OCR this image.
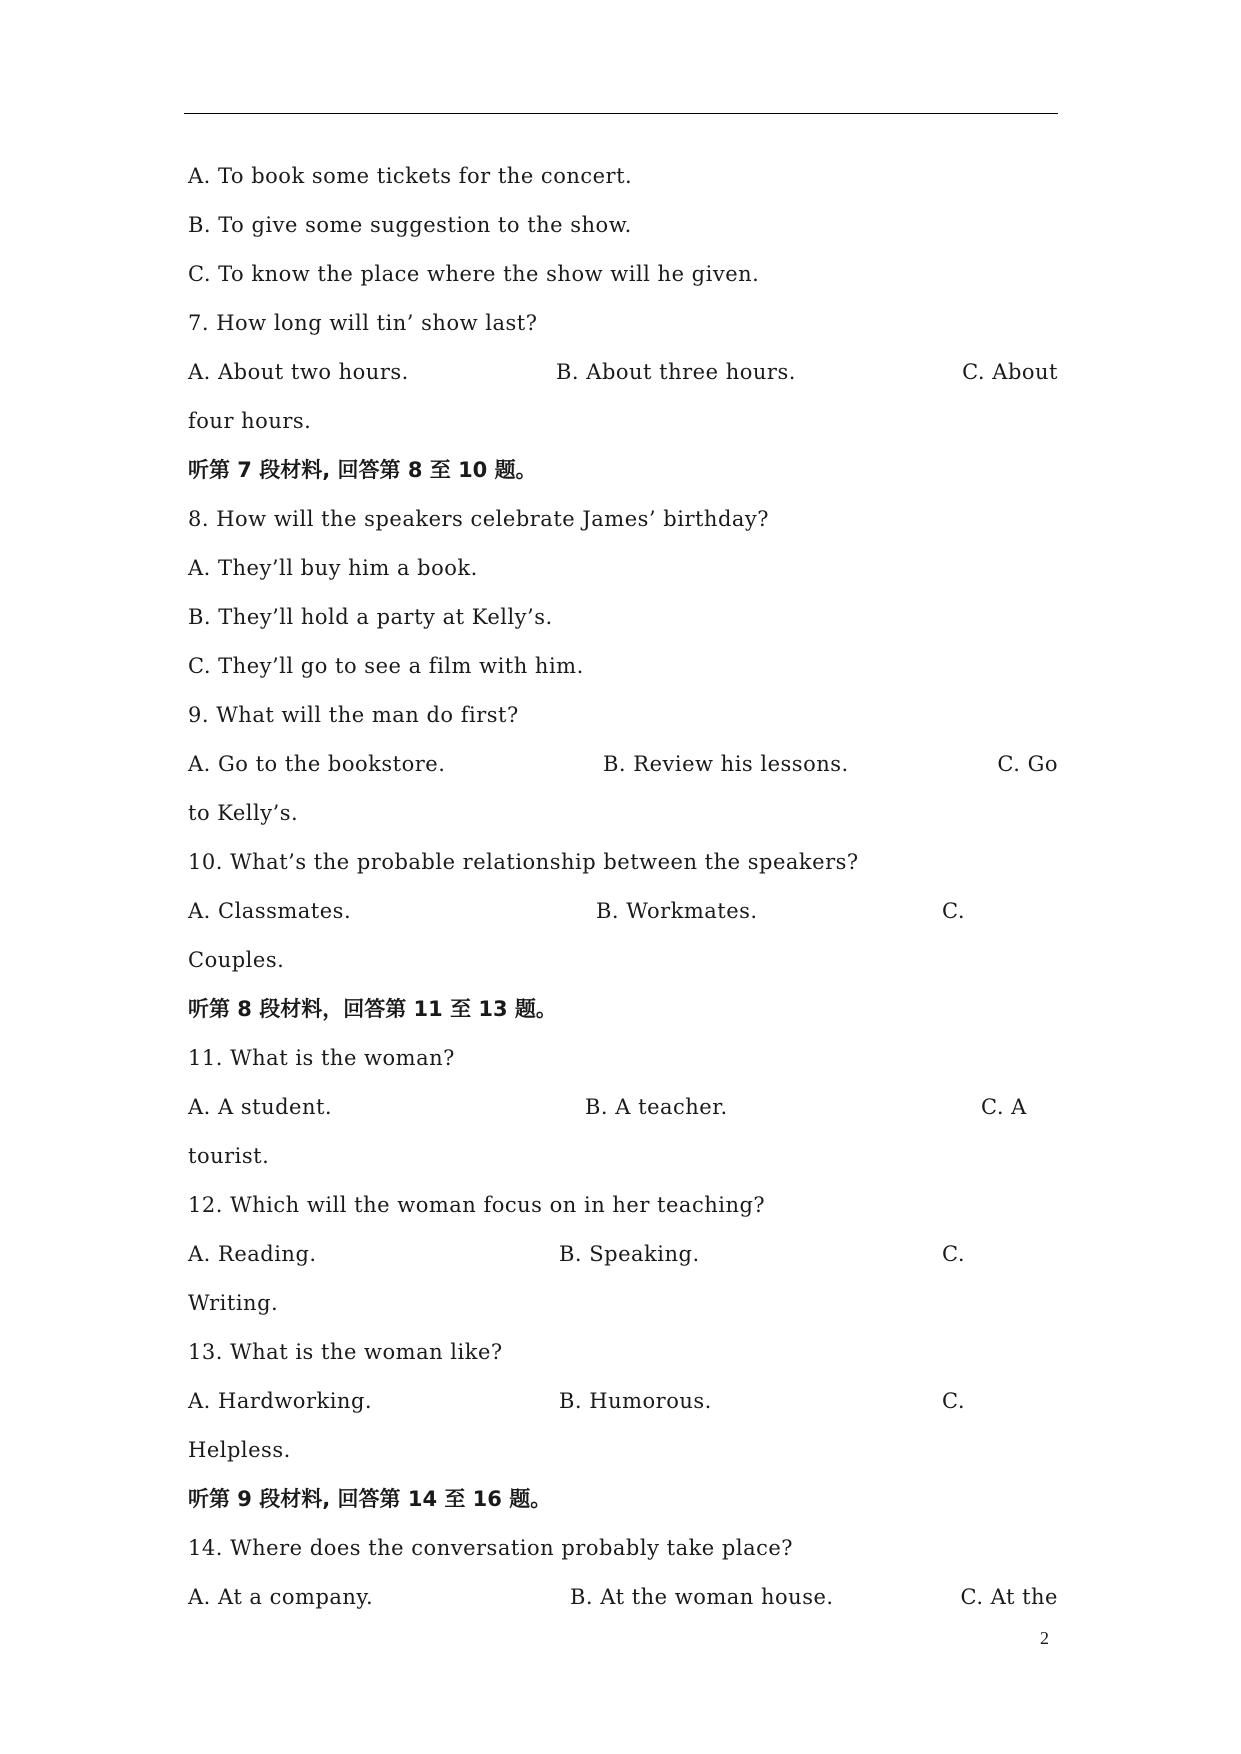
A. To book some tickets for the concert.
B. To give some suggestion to the show.
C. To know the place where the show will he given.
7. How long will tin’ show last?
A. About two hours.	B. About three hours.	C. About
four hours.
听第 7 段材料, 回答第 8 至 10 题。
8. How will the speakers celebrate James’ birthday?
A. They’ll buy him a book.
B. They’ll hold a party at Kelly’s.
C. They’ll go to see a film with him.
9. What will the man do first?
A. Go to the bookstore.	B. Review his lessons.	C. Go
to Kelly’s.
10. What’s the probable relationship between the speakers?
A. Classmates.	B. Workmates.	C.
Couples.
听第 8 段材料，回答第 11 至 13 题。
11. What is the woman?
A. A student.	B. A teacher.	C. A
tourist.
12. Which will the woman focus on in her teaching?
A. Reading.	B. Speaking.	C.
Writing.
13. What is the woman like?
A. Hardworking.	B. Humorous.	C.
Helpless.
听第 9 段材料, 回答第 14 至 16 题。
14. Where does the conversation probably take place?
A. At a company.	B. At the woman house.	C. At the
2
